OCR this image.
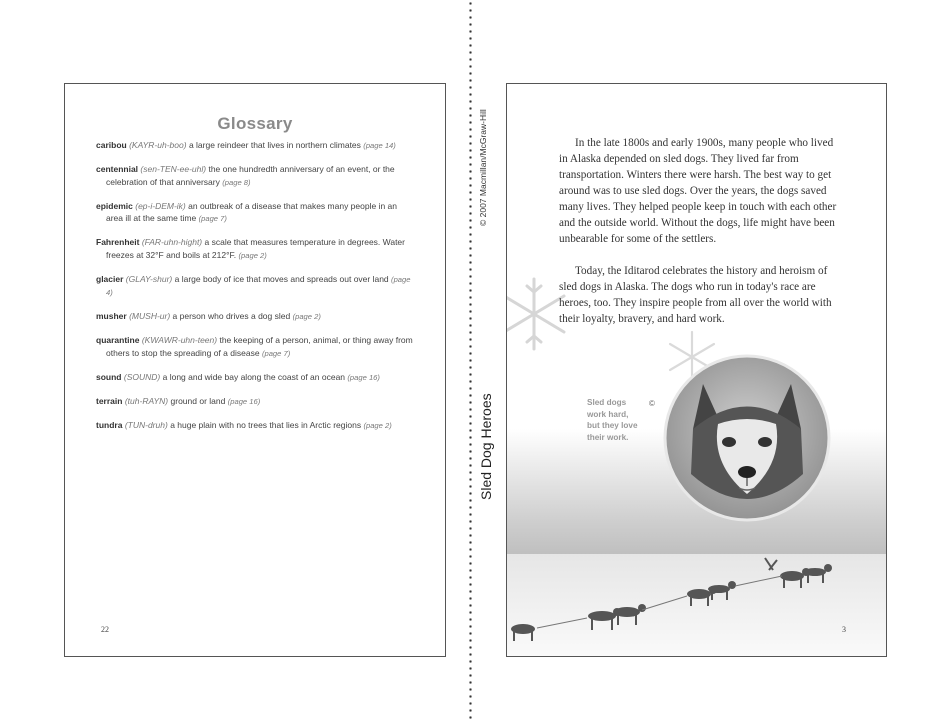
Glossary
caribou (KAYR-uh-boo) a large reindeer that lives in northern climates (page 14)
centennial (sen-TEN-ee-uhl) the one hundredth anniversary of an event, or the celebration of that anniversary (page 8)
epidemic (ep-i-DEM-ik) an outbreak of a disease that makes many people in an area ill at the same time (page 7)
Fahrenheit (FAR-uhn-hight) a scale that measures temperature in degrees. Water freezes at 32°F and boils at 212°F. (page 2)
glacier (GLAY-shur) a large body of ice that moves and spreads out over land (page 4)
musher (MUSH-ur) a person who drives a dog sled (page 2)
quarantine (KWAWR-uhn-teen) the keeping of a person, animal, or thing away from others to stop the spreading of a disease (page 7)
sound (SOUND) a long and wide bay along the coast of an ocean (page 16)
terrain (tuh-RAYN) ground or land (page 16)
tundra (TUN-druh) a huge plain with no trees that lies in Arctic regions (page 2)
22
© 2007 Macmillan/McGraw-Hill
Sled Dog Heroes

In the late 1800s and early 1900s, many people who lived in Alaska depended on sled dogs. They lived far from transportation. Winters there were harsh. The best way to get around was to use sled dogs. Over the years, the dogs saved many lives. They helped people keep in touch with each other and the outside world. Without the dogs, life might have been unbearable for some of the settlers.

Today, the Iditarod celebrates the history and heroism of sled dogs in Alaska. The dogs who run in today's race are heroes, too. They inspire people from all over the world with their loyalty, bravery, and hard work.

Sled dogs
work hard,
but they love
their work.
©
3
